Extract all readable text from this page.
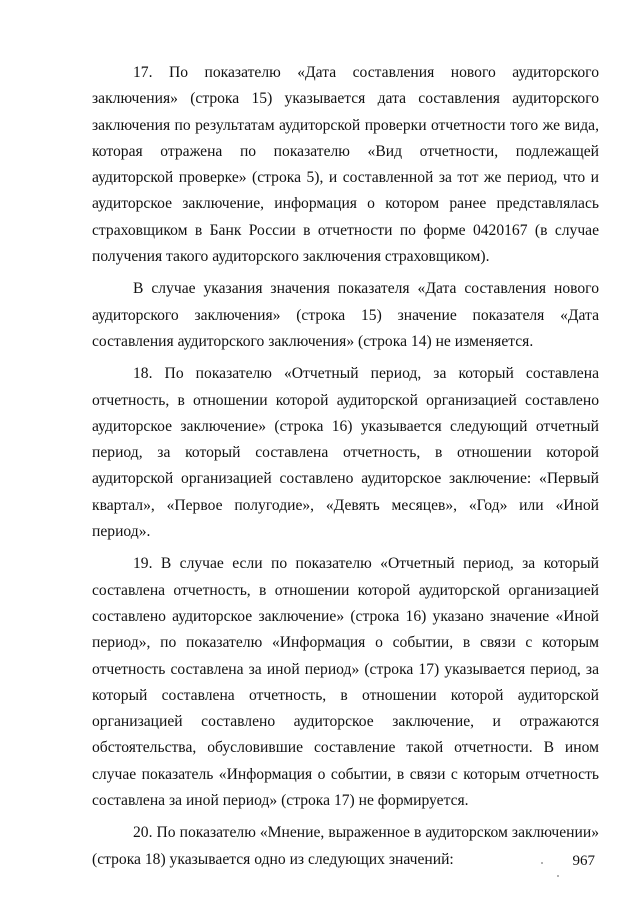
17. По показателю «Дата составления нового аудиторского заключения» (строка 15) указывается дата составления аудиторского заключения по результатам аудиторской проверки отчетности того же вида, которая отражена по показателю «Вид отчетности, подлежащей аудиторской проверке» (строка 5), и составленной за тот же период, что и аудиторское заключение, информация о котором ранее представлялась страховщиком в Банк России в отчетности по форме 0420167 (в случае получения такого аудиторского заключения страховщиком).

В случае указания значения показателя «Дата составления нового аудиторского заключения» (строка 15) значение показателя «Дата составления аудиторского заключения» (строка 14) не изменяется.

18. По показателю «Отчетный период, за который составлена отчетность, в отношении которой аудиторской организацией составлено аудиторское заключение» (строка 16) указывается следующий отчетный период, за который составлена отчетность, в отношении которой аудиторской организацией составлено аудиторское заключение: «Первый квартал», «Первое полугодие», «Девять месяцев», «Год» или «Иной период».

19. В случае если по показателю «Отчетный период, за который составлена отчетность, в отношении которой аудиторской организацией составлено аудиторское заключение» (строка 16) указано значение «Иной период», по показателю «Информация о событии, в связи с которым отчетность составлена за иной период» (строка 17) указывается период, за который составлена отчетность, в отношении которой аудиторской организацией составлено аудиторское заключение, и отражаются обстоятельства, обусловившие составление такой отчетности. В ином случае показатель «Информация о событии, в связи с которым отчетность составлена за иной период» (строка 17) не формируется.

20. По показателю «Мнение, выраженное в аудиторском заключении» (строка 18) указывается одно из следующих значений:	967
